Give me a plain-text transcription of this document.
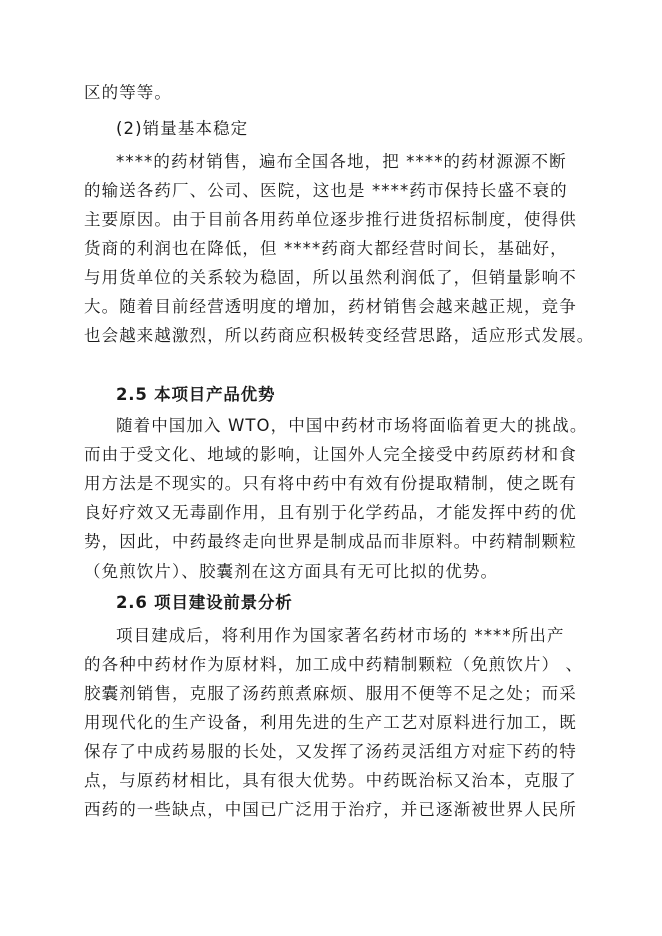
区的等等。
(2)销量基本稳定
****的药材销售，遍布全国各地，把 ****的药材源源不断
的输送各药厂、公司、医院，这也是 ****药市保持长盛不衰的
主要原因。由于目前各用药单位逐步推行进货招标制度，使得供
货商的利润也在降低，但 ****药商大都经营时间长，基础好，
与用货单位的关系较为稳固，所以虽然利润低了，但销量影响不
大。随着目前经营透明度的增加，药材销售会越来越正规，竞争
也会越来越激烈，所以药商应积极转变经营思路，适应形式发展。
2.5 本项目产品优势
随着中国加入 WTO，中国中药材市场将面临着更大的挑战。
而由于受文化、地域的影响，让国外人完全接受中药原药材和食
用方法是不现实的。只有将中药中有效有份提取精制，使之既有
良好疗效又无毒副作用，且有别于化学药品，才能发挥中药的优
势，因此，中药最终走向世界是制成品而非原料。中药精制颗粒
（免煎饮片）、胶囊剂在这方面具有无可比拟的优势。
2.6 项目建设前景分析
项目建成后，将利用作为国家著名药材市场的 ****所出产
的各种中药材作为原材料，加工成中药精制颗粒（免煎饮片） 、
胶囊剂销售，克服了汤药煎煮麻烦、服用不便等不足之处；而采
用现代化的生产设备，利用先进的生产工艺对原料进行加工，既
保存了中成药易服的长处，又发挥了汤药灵活组方对症下药的特
点，与原药材相比，具有很大优势。中药既治标又治本，克服了
西药的一些缺点，中国已广泛用于治疗，并已逐渐被世界人民所
